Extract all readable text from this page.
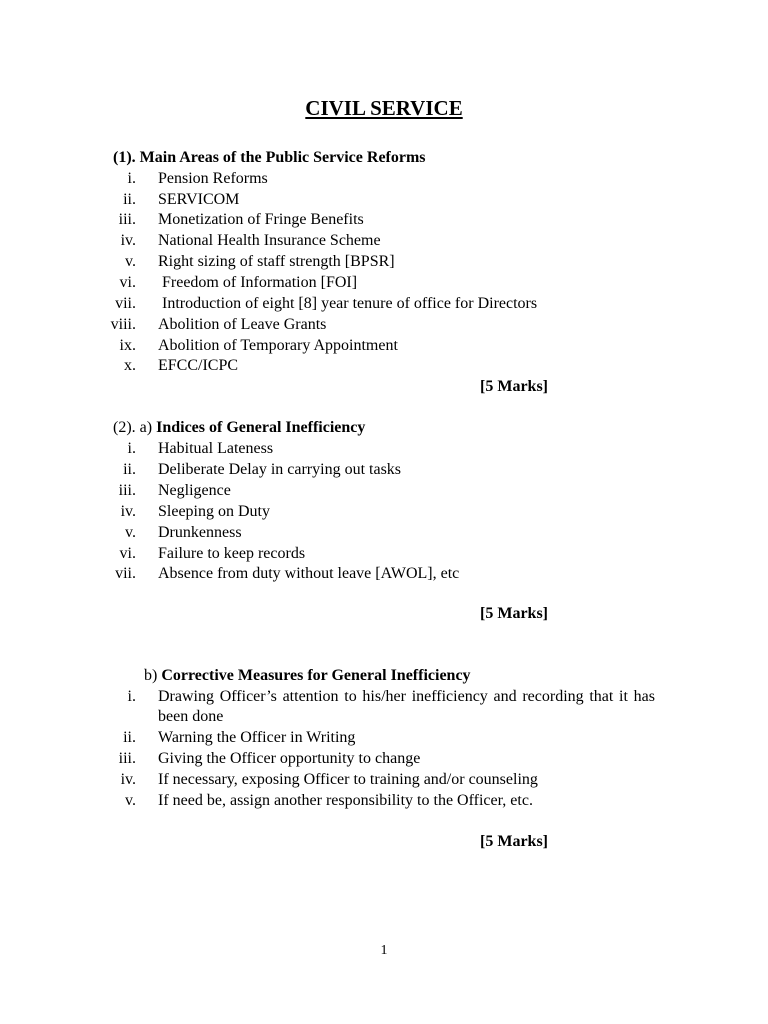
CIVIL SERVICE
(1). Main Areas of the Public Service Reforms
i. Pension Reforms
ii. SERVICOM
iii. Monetization of Fringe Benefits
iv. National Health Insurance Scheme
v. Right sizing of staff strength [BPSR]
vi. Freedom of Information [FOI]
vii. Introduction of eight [8] year tenure of office for Directors
viii. Abolition of Leave Grants
ix. Abolition of Temporary Appointment
x. EFCC/ICPC
[5 Marks]
(2). a) Indices of General Inefficiency
i. Habitual Lateness
ii. Deliberate Delay in carrying out tasks
iii. Negligence
iv. Sleeping on Duty
v. Drunkenness
vi. Failure to keep records
vii. Absence from duty without leave [AWOL], etc
[5 Marks]
b) Corrective Measures for General Inefficiency
i. Drawing Officer’s attention to his/her inefficiency and recording that it has been done
ii. Warning the Officer in Writing
iii. Giving the Officer opportunity to change
iv. If necessary, exposing Officer to training and/or counseling
v. If need be, assign another responsibility to the Officer, etc.
[5 Marks]
1
